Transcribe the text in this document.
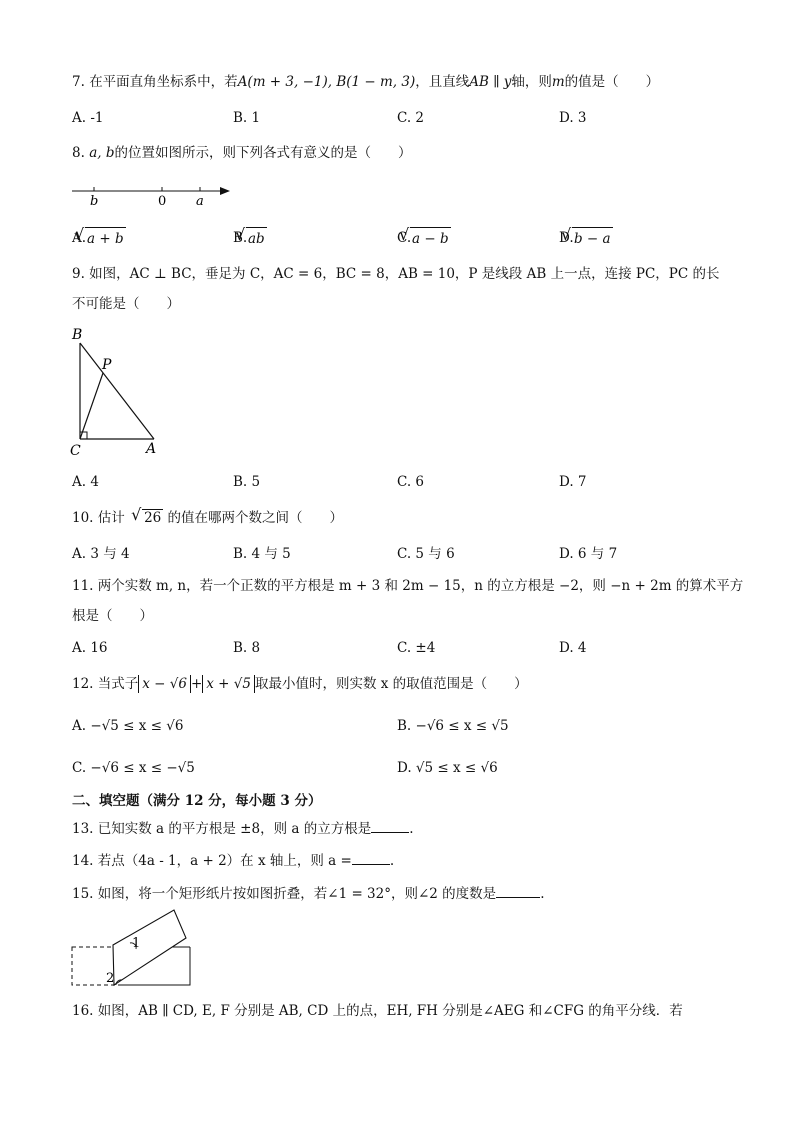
7. 在平面直角坐标系中，若A(m + 3, −1), B(1 − m, 3)，且直线AB ∥ y轴，则m的值是（　　）
A. -1	B. 1	C. 2	D. 3
8. a, b的位置如图所示，则下列各式有意义的是（　　）
b	0 a
A. a + b	B. ab	C. a − b	D. b − a
9. 如图，AC ⊥ BC，垂足为 C，AC = 6，BC = 8，AB = 10，P 是线段 AB 上一点，连接 PC，PC 的长
不可能是（　　）
B
P
C	A
A. 4	B. 5	C. 6	D. 7
10. 估计 √ 26 的值在哪两个数之间（　　）
A. 3 与 4	B. 4 与 5	C. 5 与 6	D. 6 与 7
11. 两个实数 m, n，若一个正数的平方根是 m + 3 和 2m − 15，n 的立方根是 −2，则 −n + 2m 的算术平方
根是（　　）
A. 16	B. 8	C. ±4	D. 4
12. 当式子 x − √6 + x + √5 取最小值时，则实数 x 的取值范围是（　　）
A. −√5 ≤ x ≤ √6	B. −√6 ≤ x ≤ √5
C. −√6 ≤ x ≤ −√5	D. √5 ≤ x ≤ √6
二、填空题（满分 12 分，每小题 3 分）
13. 已知实数 a 的平方根是 ±8，则 a 的立方根是	.
14. 若点（4a - 1，a + 2）在 x 轴上，则 a =	.
15. 如图，将一个矩形纸片按如图折叠，若∠1 = 32°，则∠2 的度数是	.
1
2
16. 如图，AB ∥ CD, E, F 分别是 AB, CD 上的点，EH, FH 分别是∠AEG 和∠CFG 的角平分线．若
